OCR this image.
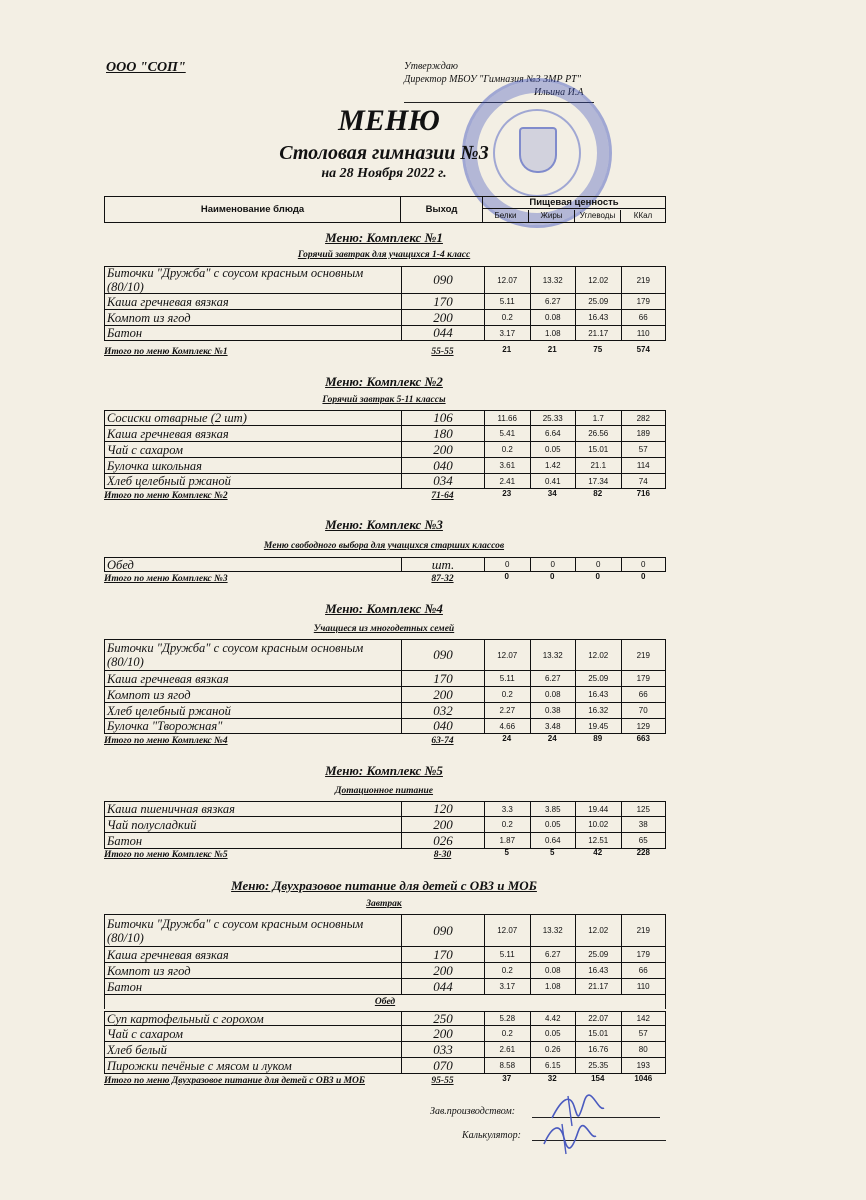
ООО "СОП"	Утверждаю
Директор МБОУ "Гимназия №3 ЗМР РТ"
Ильина И.А
МЕНЮ
Столовая гимназии №3
на 28 Ноября 2022 г.
Наименование блюда	Выход
Пищевая ценность
Белки	Жиры	Углеводы	ККал
Меню: Комплекс №1
Горячий завтрак для учащихся 1-4 класс
Биточки "Дружба" с соусом красным основным (80/10)	090	12.07	13.32	12.02	219
Каша гречневая вязкая	170	5.11	6.27	25.09	179
Компот из ягод	200	0.2	0.08	16.43	66
Батон	044	3.17	1.08	21.17	110
Итого по меню Комплекс №1	55-55	21	21	75	574
Меню: Комплекс №2
Горячий завтрак 5-11 классы
Сосиски отварные (2 шт)	106	11.66	25.33	1.7	282
Каша гречневая вязкая	180	5.41	6.64	26.56	189
Чай с сахаром	200	0.2	0.05	15.01	57
Булочка школьная	040	3.61	1.42	21.1	114
Хлеб целебный ржаной	034	2.41	0.41	17.34	74
Итого по меню Комплекс №2	71-64	23	34	82	716
Меню: Комплекс №3
Меню свободного выбора для учащихся старших классов
Обед	шт.	0	0	0	0
Итого по меню Комплекс №3	87-32	0	0	0	0
Меню: Комплекс №4
Учащиеся из многодетных семей
Биточки "Дружба" с соусом красным основным (80/10)	090	12.07	13.32	12.02	219
Каша гречневая вязкая	170	5.11	6.27	25.09	179
Компот из ягод	200	0.2	0.08	16.43	66
Хлеб целебный ржаной	032	2.27	0.38	16.32	70
Булочка "Творожная"	040	4.66	3.48	19.45	129
Итого по меню Комплекс №4	63-74	24	24	89	663
Меню: Комплекс №5
Дотационное питание
Каша пшеничная вязкая	120	3.3	3.85	19.44	125
Чай полусладкий	200	0.2	0.05	10.02	38
Батон	026	1.87	0.64	12.51	65
Итого по меню Комплекс №5	8-30	5	5	42	228
Меню: Двухразовое питание для детей с ОВЗ и МОБ
Завтрак
Биточки "Дружба" с соусом красным основным (80/10)	090	12.07	13.32	12.02	219
Каша гречневая вязкая	170	5.11	6.27	25.09	179
Компот из ягод	200	0.2	0.08	16.43	66
Батон	044	3.17	1.08	21.17	110
Обед
Суп картофельный с горохом	250	5.28	4.42	22.07	142
Чай с сахаром	200	0.2	0.05	15.01	57
Хлеб белый	033	2.61	0.26	16.76	80
Пирожки печёные с мясом и луком	070	8.58	6.15	25.35	193
Итого по меню Двухразовое питание для детей с ОВЗ и МОБ	95-55	37	32	154	1046
Зав.производством:
Калькулятор:
